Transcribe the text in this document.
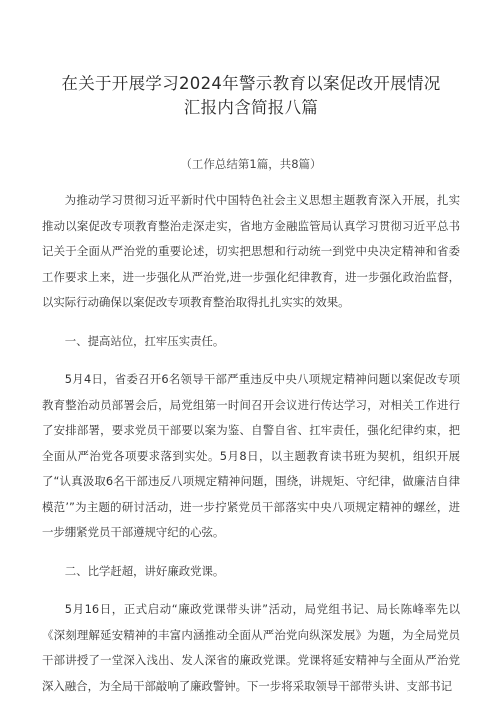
在关于开展学习2024年警示教育以案促改开展情况
汇报内含简报八篇
（工作总结第1篇，共8篇）

为推动学习贯彻习近平新时代中国特色社会主义思想主题教育深入开展，扎实推动以案促改专项教育整治走深走实，省地方金融监管局认真学习贯彻习近平总书记关于全面从严治党的重要论述，切实把思想和行动统一到党中央决定精神和省委工作要求上来，进一步强化从严治党,进一步强化纪律教育，进一步强化政治监督，以实际行动确保以案促改专项教育整治取得扎扎实实的效果。

一、提高站位，扛牢压实责任。

5月4日，省委召开6名领导干部严重违反中央八项规定精神问题以案促改专项教育整治动员部署会后，局党组第一时间召开会议进行传达学习，对相关工作进行了安排部署，要求党员干部要以案为鉴、自警自省、扛牢责任，强化纪律约束，把全面从严治党各项要求落到实处。5月8日，以主题教育读书班为契机，组织开展了“认真汲取6名干部违反八项规定精神问题，围绕，讲规矩、守纪律，做廉洁自律模范’”为主题的研讨活动，进一步拧紧党员干部落实中央八项规定精神的螺丝，进一步绷紧党员干部遵规守纪的心弦。

二、比学赶超，讲好廉政党课。

5月16日，正式启动“廉政党课带头讲”活动，局党组书记、局长陈峰率先以《深刻理解延安精神的丰富内涵推动全面从严治党向纵深发展》为题，为全局党员干部讲授了一堂深入浅出、发人深省的廉政党课。党课将延安精神与全面从严治党深入融合，为全局干部敲响了廉政警钟。下一步将采取领导干部带头讲、支部书记
